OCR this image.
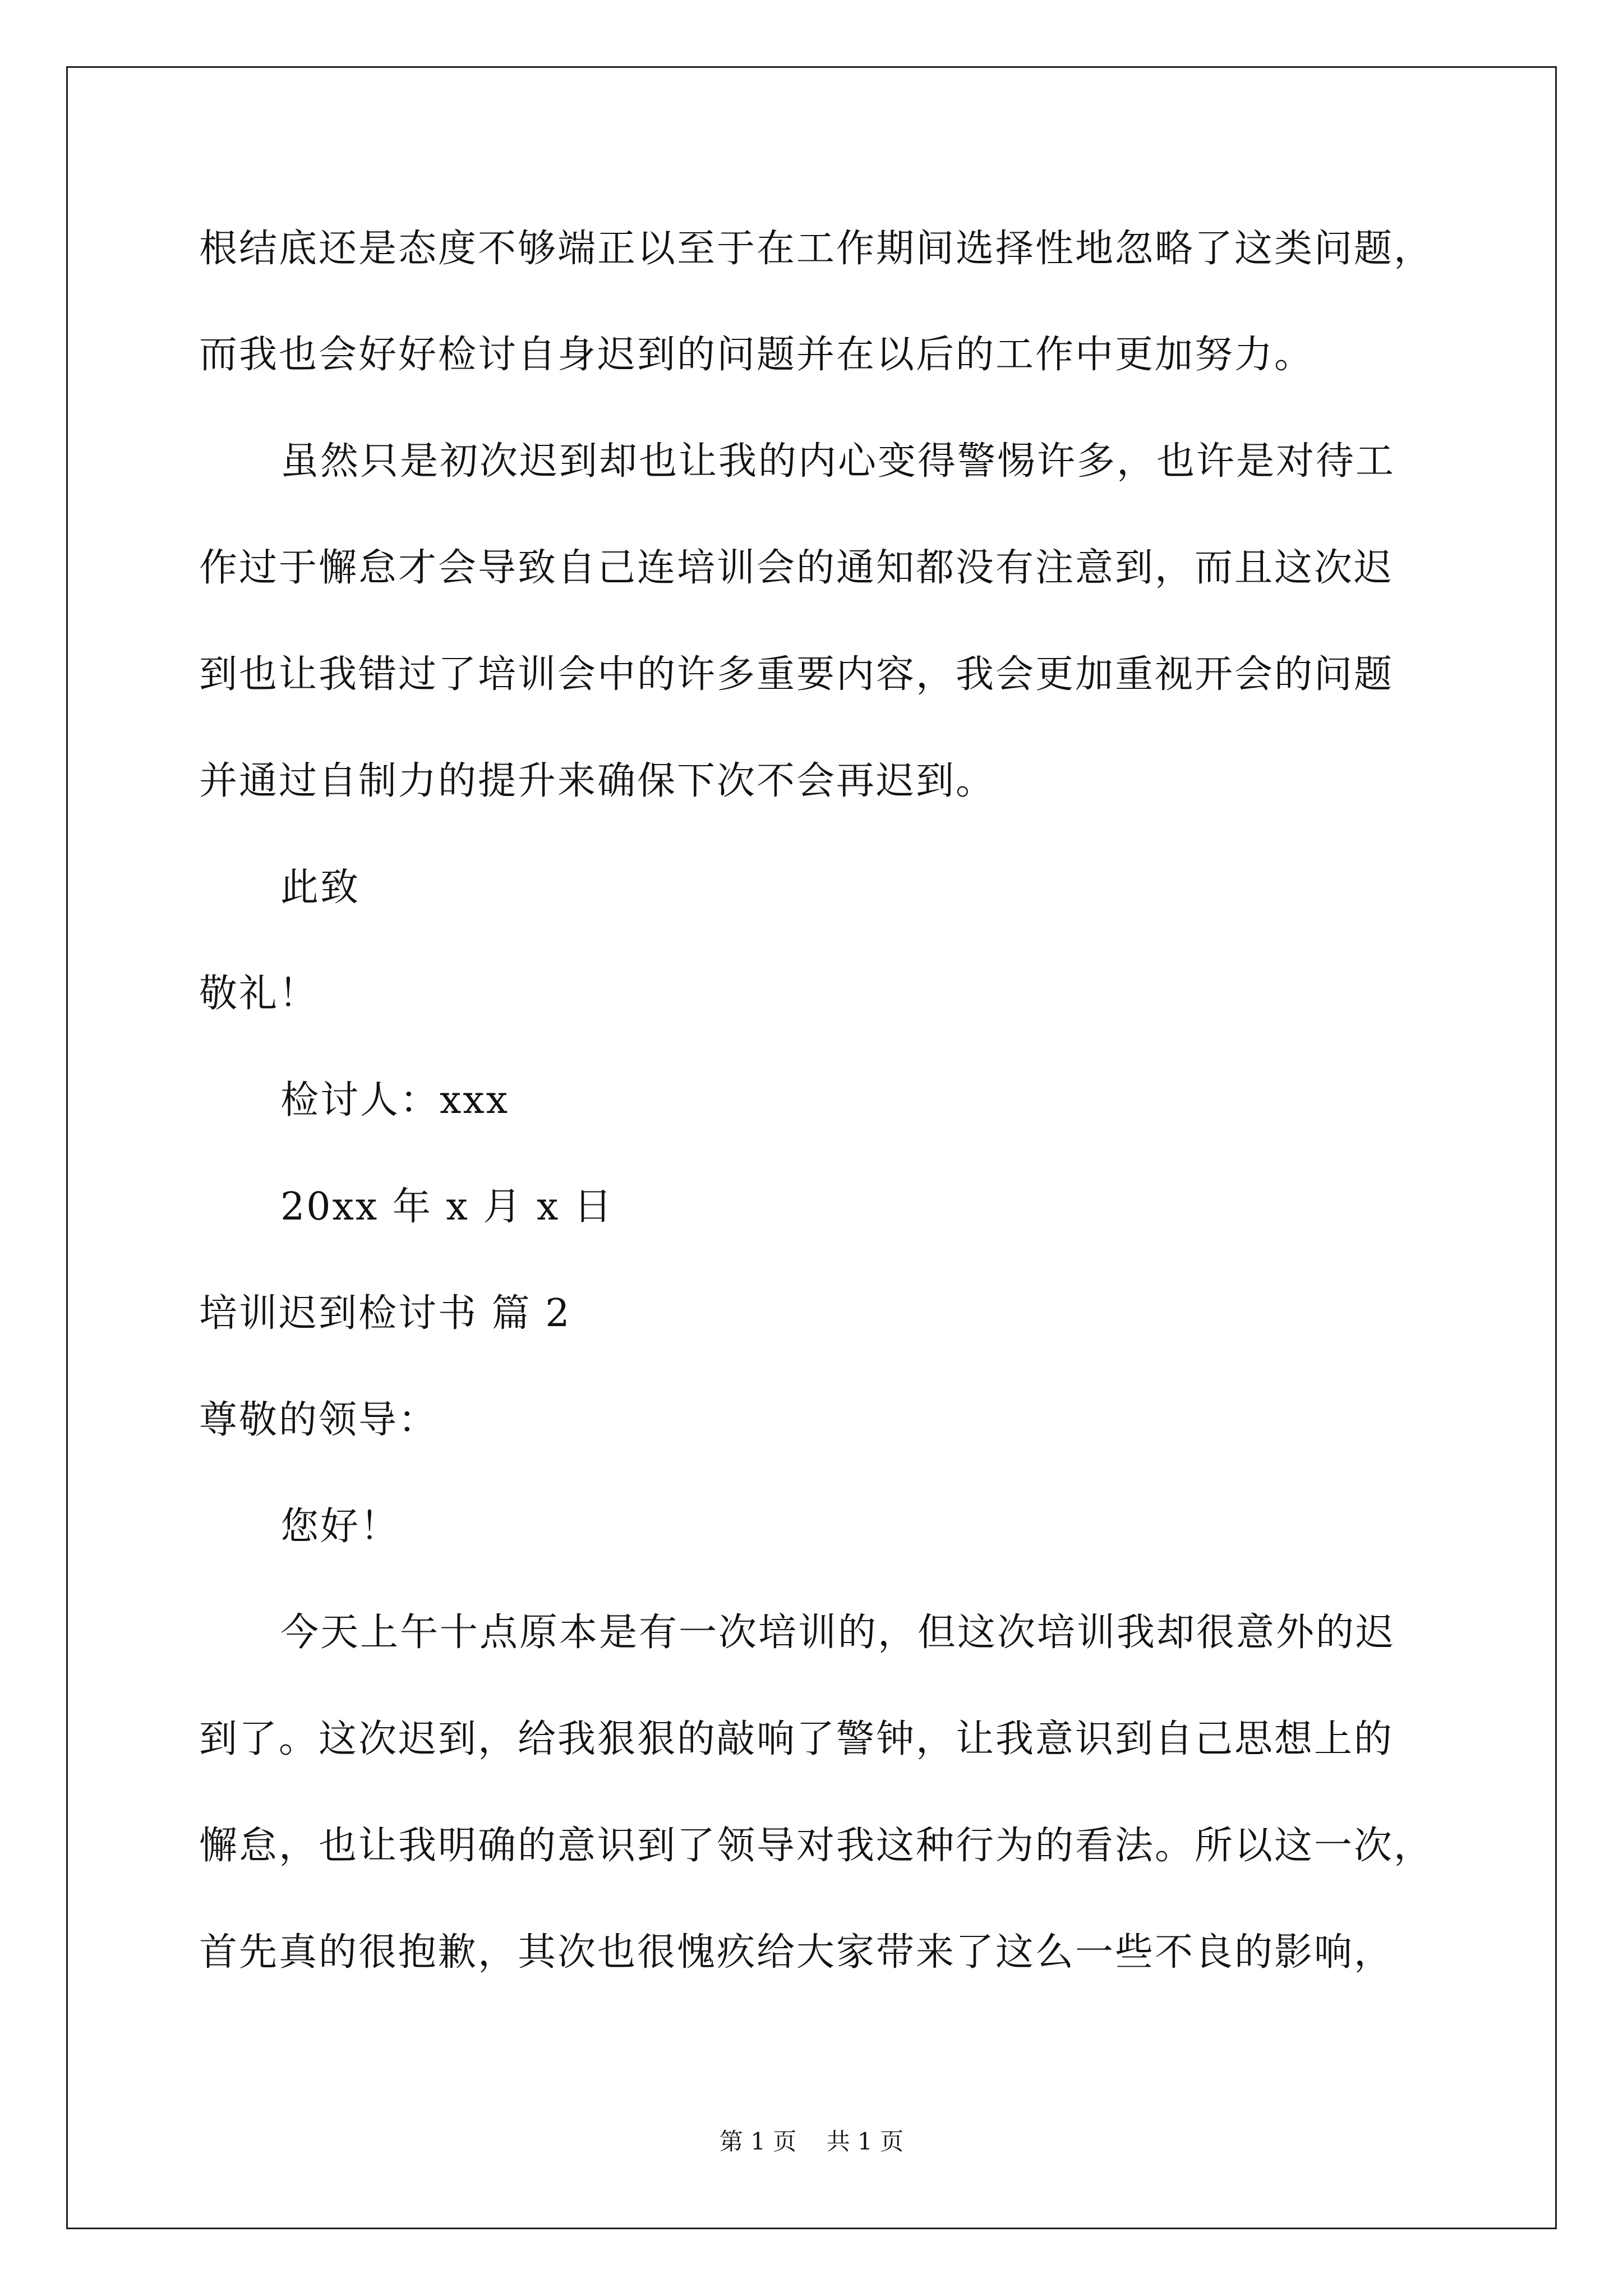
根结底还是态度不够端正以至于在工作期间选择性地忽略了这类问题，
而我也会好好检讨自身迟到的问题并在以后的工作中更加努力。
虽然只是初次迟到却也让我的内心变得警惕许多，也许是对待工
作过于懈怠才会导致自己连培训会的通知都没有注意到，而且这次迟
到也让我错过了培训会中的许多重要内容，我会更加重视开会的问题
并通过自制力的提升来确保下次不会再迟到。
此致
敬礼！
检讨人：xxx
20xx 年 x 月 x 日
培训迟到检讨书 篇 2
尊敬的领导：
您好！
今天上午十点原本是有一次培训的，但这次培训我却很意外的迟
到了。这次迟到，给我狠狠的敲响了警钟，让我意识到自己思想上的
懈怠，也让我明确的意识到了领导对我这种行为的看法。所以这一次，
首先真的很抱歉，其次也很愧疚给大家带来了这么一些不良的影响，
第 1 页    共 1 页
